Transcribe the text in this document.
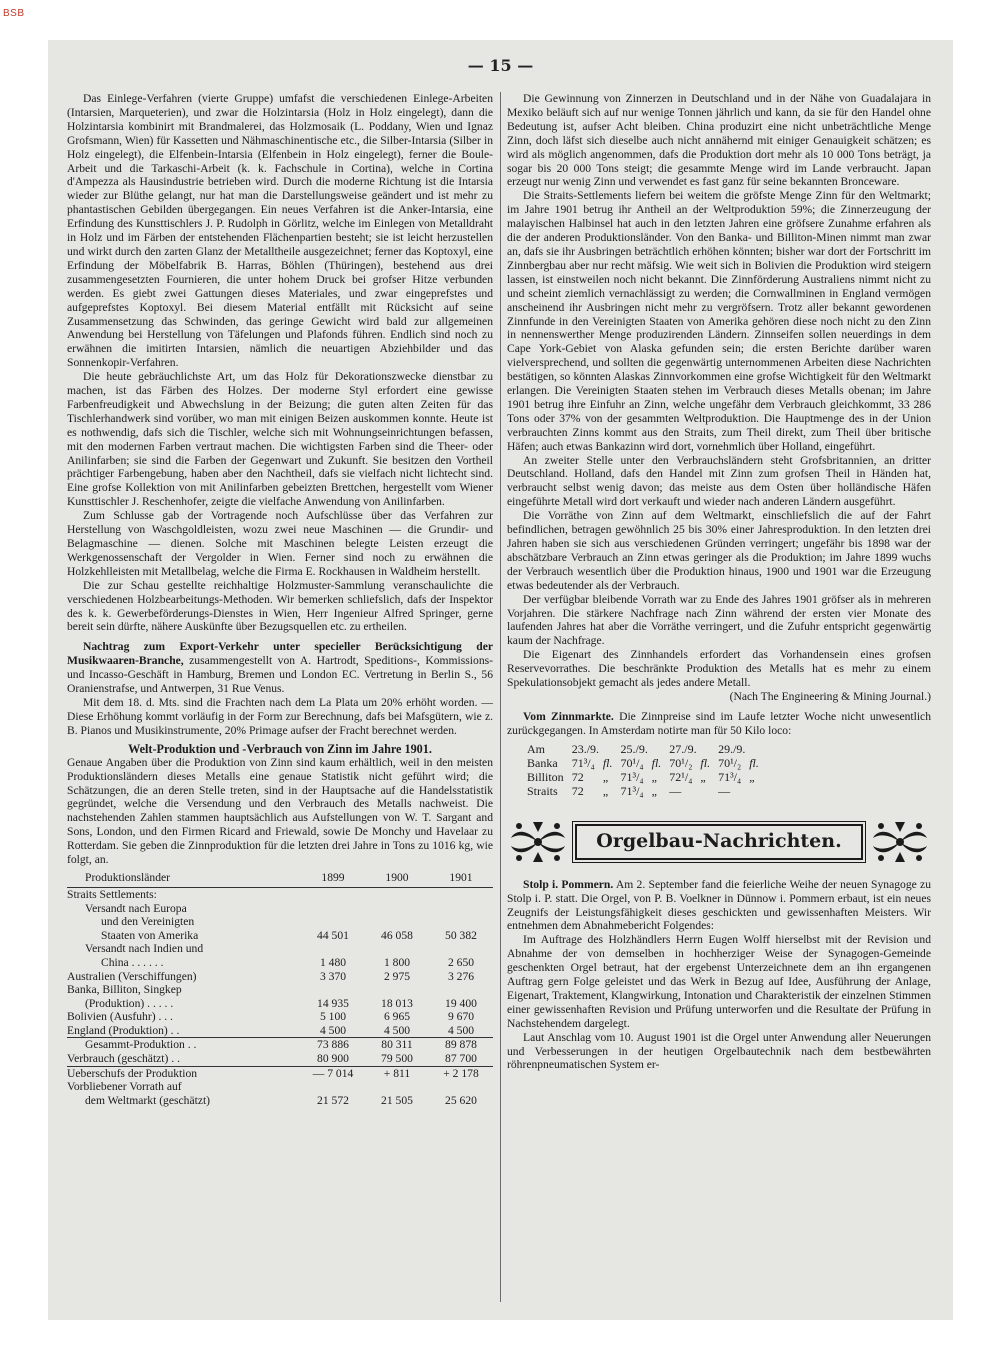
BSB
— 15 —

Das Einlege-Verfahren (vierte Gruppe) umfafst die verschiedenen Einlege-Arbeiten (Intarsien, Marqueterien), und zwar die Holzintarsia (Holz in Holz eingelegt), dann die Holzintarsia kombinirt mit Brandmalerei, das Holzmosaik (L. Poddany, Wien und Ignaz Grofsmann, Wien) für Kassetten und Nähmaschinentische etc., die Silber-Intarsia (Silber in Holz eingelegt), die Elfenbein-Intarsia (Elfenbein in Holz eingelegt), ferner die Boule-Arbeit und die Tarkaschi-Arbeit (k. k. Fachschule in Cortina), welche in Cortina d'Ampezza als Hausindustrie betrieben wird. Durch die moderne Richtung ist die Intarsia wieder zur Blüthe gelangt, nur hat man die Darstellungsweise geändert und ist mehr zu phantastischen Gebilden übergegangen. Ein neues Verfahren ist die Anker-Intarsia, eine Erfindung des Kunsttischlers J. P. Rudolph in Görlitz, welche im Einlegen von Metalldraht in Holz und im Färben der entstehenden Flächenpartien besteht; sie ist leicht herzustellen und wirkt durch den zarten Glanz der Metalltheile ausgezeichnet; ferner das Koptoxyl, eine Erfindung der Möbelfabrik B. Harras, Böhlen (Thüringen), bestehend aus drei zusammengesetzten Fournieren, die unter hohem Druck bei grofser Hitze verbunden werden. Es giebt zwei Gattungen dieses Materiales, und zwar eingeprefstes und aufgeprefstes Koptoxyl. Bei diesem Material entfällt mit Rücksicht auf seine Zusammensetzung das Schwinden, das geringe Gewicht wird bald zur allgemeinen Anwendung bei Herstellung von Täfelungen und Plafonds führen. Endlich sind noch zu erwähnen die imitirten Intarsien, nämlich die neuartigen Abziehbilder und das Sonnenkopir-Verfahren.

Die heute gebräuchlichste Art, um das Holz für Dekorationszwecke dienstbar zu machen, ist das Färben des Holzes. Der moderne Styl erfordert eine gewisse Farbenfreudigkeit und Abwechslung in der Beizung; die guten alten Zeiten für das Tischlerhandwerk sind vorüber, wo man mit einigen Beizen auskommen konnte. Heute ist es nothwendig, dafs sich die Tischler, welche sich mit Wohnungseinrichtungen befassen, mit den modernen Farben vertraut machen. Die wichtigsten Farben sind die Theer- oder Anilinfarben; sie sind die Farben der Gegenwart und Zukunft. Sie besitzen den Vortheil prächtiger Farbengebung, haben aber den Nachtheil, dafs sie vielfach nicht lichtecht sind. Eine grofse Kollektion von mit Anilinfarben gebeizten Brettchen, hergestellt vom Wiener Kunsttischler J. Reschenhofer, zeigte die vielfache Anwendung von Anilinfarben.

Zum Schlusse gab der Vortragende noch Aufschlüsse über das Verfahren zur Herstellung von Waschgoldleisten, wozu zwei neue Maschinen — die Grundir- und Belagmaschine — dienen. Solche mit Maschinen belegte Leisten erzeugt die Werkgenossenschaft der Vergolder in Wien. Ferner sind noch zu erwähnen die Holzkehlleisten mit Metallbelag, welche die Firma E. Rockhausen in Waldheim herstellt.

Die zur Schau gestellte reichhaltige Holzmuster-Sammlung veranschaulichte die verschiedenen Holzbearbeitungs-Methoden. Wir bemerken schliefslich, dafs der Inspektor des k. k. Gewerbeförderungs-Dienstes in Wien, Herr Ingenieur Alfred Springer, gerne bereit sein dürfte, nähere Auskünfte über Bezugsquellen etc. zu ertheilen.

Nachtrag zum Export-Verkehr unter specieller Berücksichtigung der Musikwaaren-Branche, zusammengestellt von A. Hartrodt, Speditions-, Kommissions- und Incasso-Geschäft in Hamburg, Bremen und London EC. Vertretung in Berlin S., 56 Oranienstrafse, und Antwerpen, 31 Rue Venus.

Mit dem 18. d. Mts. sind die Frachten nach dem La Plata um 20% erhöht worden. — Diese Erhöhung kommt vorläufig in der Form zur Berechnung, dafs bei Mafsgütern, wie z. B. Pianos und Musikinstrumente, 20% Primage aufser der Fracht berechnet werden.

Welt-Produktion und -Verbrauch von Zinn im Jahre 1901.

Genaue Angaben über die Produktion von Zinn sind kaum erhältlich, weil in den meisten Produktionsländern dieses Metalls eine genaue Statistik nicht geführt wird; die Schätzungen, die an deren Stelle treten, sind in der Hauptsache auf die Handelsstatistik gegründet, welche die Versendung und den Verbrauch des Metalls nachweist. Die nachstehenden Zahlen stammen hauptsächlich aus Aufstellungen von W. T. Sargant and Sons, London, und den Firmen Ricard and Friewald, sowie De Monchy und Havelaar zu Rotterdam. Sie geben die Zinnproduktion für die letzten drei Jahre in Tons zu 1016 kg, wie folgt, an.

Produktionsländer	1899	1900	1901
Straits Settlements:			
Versandt nach Europa			
und den Vereinigten			
Staaten von Amerika	44 501	46 058	50 382
Versandt nach Indien und			
China . . . . . .	1 480	1 800	2 650
Australien (Verschiffungen)	3 370	2 975	3 276
Banka, Billiton, Singkep			
(Produktion) . . . . .	14 935	18 013	19 400
Bolivien (Ausfuhr) . . .	5 100	6 965	9 670
England (Produktion) . .	4 500	4 500	4 500
Gesammt-Produktion . .	73 886	80 311	89 878
Verbrauch (geschätzt) . .	80 900	79 500	87 700
Ueberschufs der Produktion	— 7 014	+ 811	+ 2 178
Vorbliebener Vorrath auf			
dem Weltmarkt (geschätzt)	21 572	21 505	25 620

Die Gewinnung von Zinnerzen in Deutschland und in der Nähe von Guadalajara in Mexiko beläuft sich auf nur wenige Tonnen jährlich und kann, da sie für den Handel ohne Bedeutung ist, aufser Acht bleiben. China produzirt eine nicht unbeträchtliche Menge Zinn, doch läfst sich dieselbe auch nicht annähernd mit einiger Genauigkeit schätzen; es wird als möglich angenommen, dafs die Produktion dort mehr als 10 000 Tons beträgt, ja sogar bis 20 000 Tons steigt; die gesammte Menge wird im Lande verbraucht. Japan erzeugt nur wenig Zinn und verwendet es fast ganz für seine bekannten Bronceware.

Die Straits-Settlements liefern bei weitem die gröfste Menge Zinn für den Weltmarkt; im Jahre 1901 betrug ihr Antheil an der Weltproduktion 59%; die Zinnerzeugung der malayischen Halbinsel hat auch in den letzten Jahren eine gröfsere Zunahme erfahren als die der anderen Produktionsländer. Von den Banka- und Billiton-Minen nimmt man zwar an, dafs sie ihr Ausbringen beträchtlich erhöhen könnten; bisher war dort der Fortschritt im Zinnbergbau aber nur recht mäfsig. Wie weit sich in Bolivien die Produktion wird steigern lassen, ist einstweilen noch nicht bekannt. Die Zinnförderung Australiens nimmt nicht zu und scheint ziemlich vernachlässigt zu werden; die Cornwallminen in England vermögen anscheinend ihr Ausbringen nicht mehr zu vergröfsern. Trotz aller bekannt gewordenen Zinnfunde in den Vereinigten Staaten von Amerika gehören diese noch nicht zu den Zinn in nennenswerther Menge produzirenden Ländern. Zinnseifen sollen neuerdings in dem Cape York-Gebiet von Alaska gefunden sein; die ersten Berichte darüber waren vielversprechend, und sollten die gegenwärtig unternommenen Arbeiten diese Nachrichten bestätigen, so könnten Alaskas Zinnvorkommen eine grofse Wichtigkeit für den Weltmarkt erlangen. Die Vereinigten Staaten stehen im Verbrauch dieses Metalls obenan; im Jahre 1901 betrug ihre Einfuhr an Zinn, welche ungefähr dem Verbrauch gleichkommt, 33 286 Tons oder 37% von der gesammten Weltproduktion. Die Hauptmenge des in der Union verbrauchten Zinns kommt aus den Straits, zum Theil direkt, zum Theil über britische Häfen; auch etwas Bankazinn wird dort, vornehmlich über Holland, eingeführt.

An zweiter Stelle unter den Verbrauchsländern steht Grofsbritannien, an dritter Deutschland. Holland, dafs den Handel mit Zinn zum grofsen Theil in Händen hat, verbraucht selbst wenig davon; das meiste aus dem Osten über holländische Häfen eingeführte Metall wird dort verkauft und wieder nach anderen Ländern ausgeführt.

Die Vorräthe von Zinn auf dem Weltmarkt, einschliefslich die auf der Fahrt befindlichen, betragen gewöhnlich 25 bis 30% einer Jahresproduktion. In den letzten drei Jahren haben sie sich aus verschiedenen Gründen verringert; ungefähr bis 1898 war der abschätzbare Verbrauch an Zinn etwas geringer als die Produktion; im Jahre 1899 wuchs der Verbrauch wesentlich über die Produktion hinaus, 1900 und 1901 war die Erzeugung etwas bedeutender als der Verbrauch.

Der verfügbar bleibende Vorrath war zu Ende des Jahres 1901 gröfser als in mehreren Vorjahren. Die stärkere Nachfrage nach Zinn während der ersten vier Monate des laufenden Jahres hat aber die Vorräthe verringert, und die Zufuhr entspricht gegenwärtig kaum der Nachfrage.

Die Eigenart des Zinnhandels erfordert das Vorhandensein eines grofsen Reservevorrathes. Die beschränkte Produktion des Metalls hat es mehr zu einem Spekulationsobjekt gemacht als jedes andere Metall.

(Nach The Engineering & Mining Journal.)

Vom Zinnmarkte. Die Zinnpreise sind im Laufe letzter Woche nicht unwesentlich zurückgegangen. In Amsterdam notirte man für 50 Kilo loco:

Am	23./9.		25./9.		27./9.		29./9.	
Banka	71³/₄	fl.	70¹/₄	fl.	70¹/₂	fl.	70¹/₂	fl.
Billiton	72	„	71³/₄	„	72¹/₄	„	71³/₄	„
Straits	72	„	71³/₄	„	—		—	
Orgelbau-Nachrichten.

Stolp i. Pommern. Am 2. September fand die feierliche Weihe der neuen Synagoge zu Stolp i. P. statt. Die Orgel, von P. B. Voelkner in Dünnow i. Pommern erbaut, ist ein neues Zeugnifs der Leistungsfähigkeit dieses geschickten und gewissenhaften Meisters. Wir entnehmen dem Abnahmebericht Folgendes:

Im Auftrage des Holzhändlers Herrn Eugen Wolff hierselbst mit der Revision und Abnahme der von demselben in hochherziger Weise der Synagogen-Gemeinde geschenkten Orgel betraut, hat der ergebenst Unterzeichnete dem an ihn ergangenen Auftrag gern Folge geleistet und das Werk in Bezug auf Idee, Ausführung der Anlage, Eigenart, Traktement, Klangwirkung, Intonation und Charakteristik der einzelnen Stimmen einer gewissenhaften Revision und Prüfung unterworfen und die Resultate der Prüfung in Nachstehendem dargelegt.

Laut Anschlag vom 10. August 1901 ist die Orgel unter Anwendung aller Neuerungen und Verbesserungen in der heutigen Orgelbautechnik nach dem bestbewährten röhrenpneumatischen System er-
